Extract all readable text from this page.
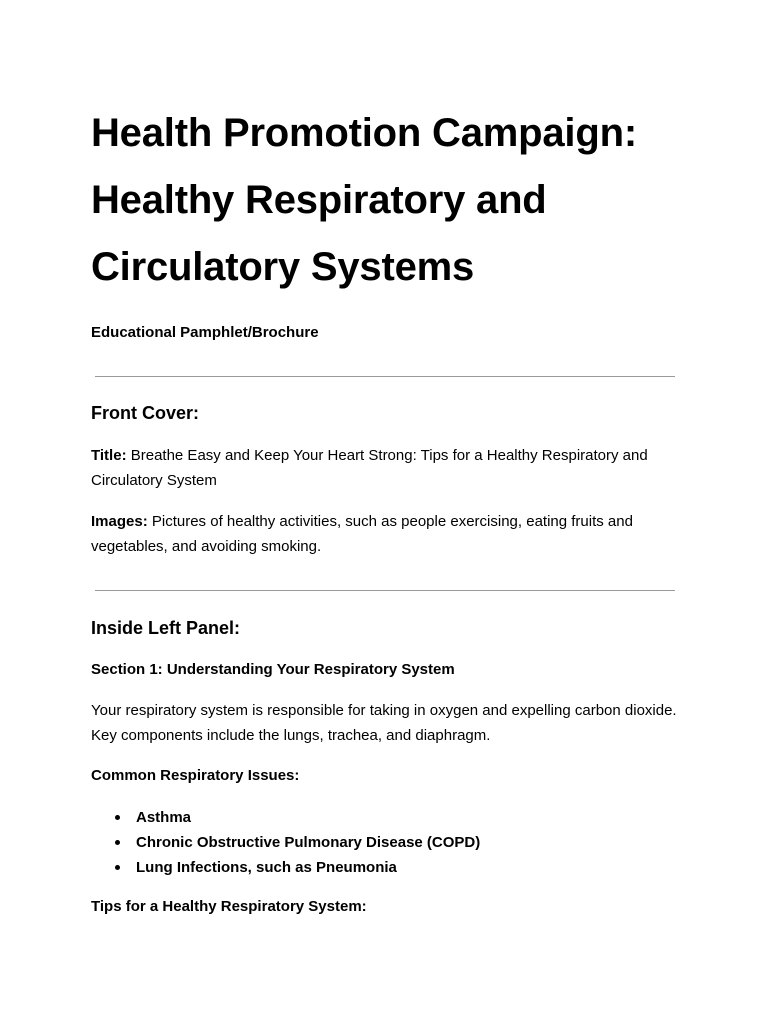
Health Promotion Campaign: Healthy Respiratory and Circulatory Systems

Educational Pamphlet/Brochure

Front Cover:

Title: Breathe Easy and Keep Your Heart Strong: Tips for a Healthy Respiratory and Circulatory System

Images: Pictures of healthy activities, such as people exercising, eating fruits and vegetables, and avoiding smoking.

Inside Left Panel:

Section 1: Understanding Your Respiratory System

Your respiratory system is responsible for taking in oxygen and expelling carbon dioxide. Key components include the lungs, trachea, and diaphragm.

Common Respiratory Issues:

Asthma
Chronic Obstructive Pulmonary Disease (COPD)
Lung Infections, such as Pneumonia

Tips for a Healthy Respiratory System:
